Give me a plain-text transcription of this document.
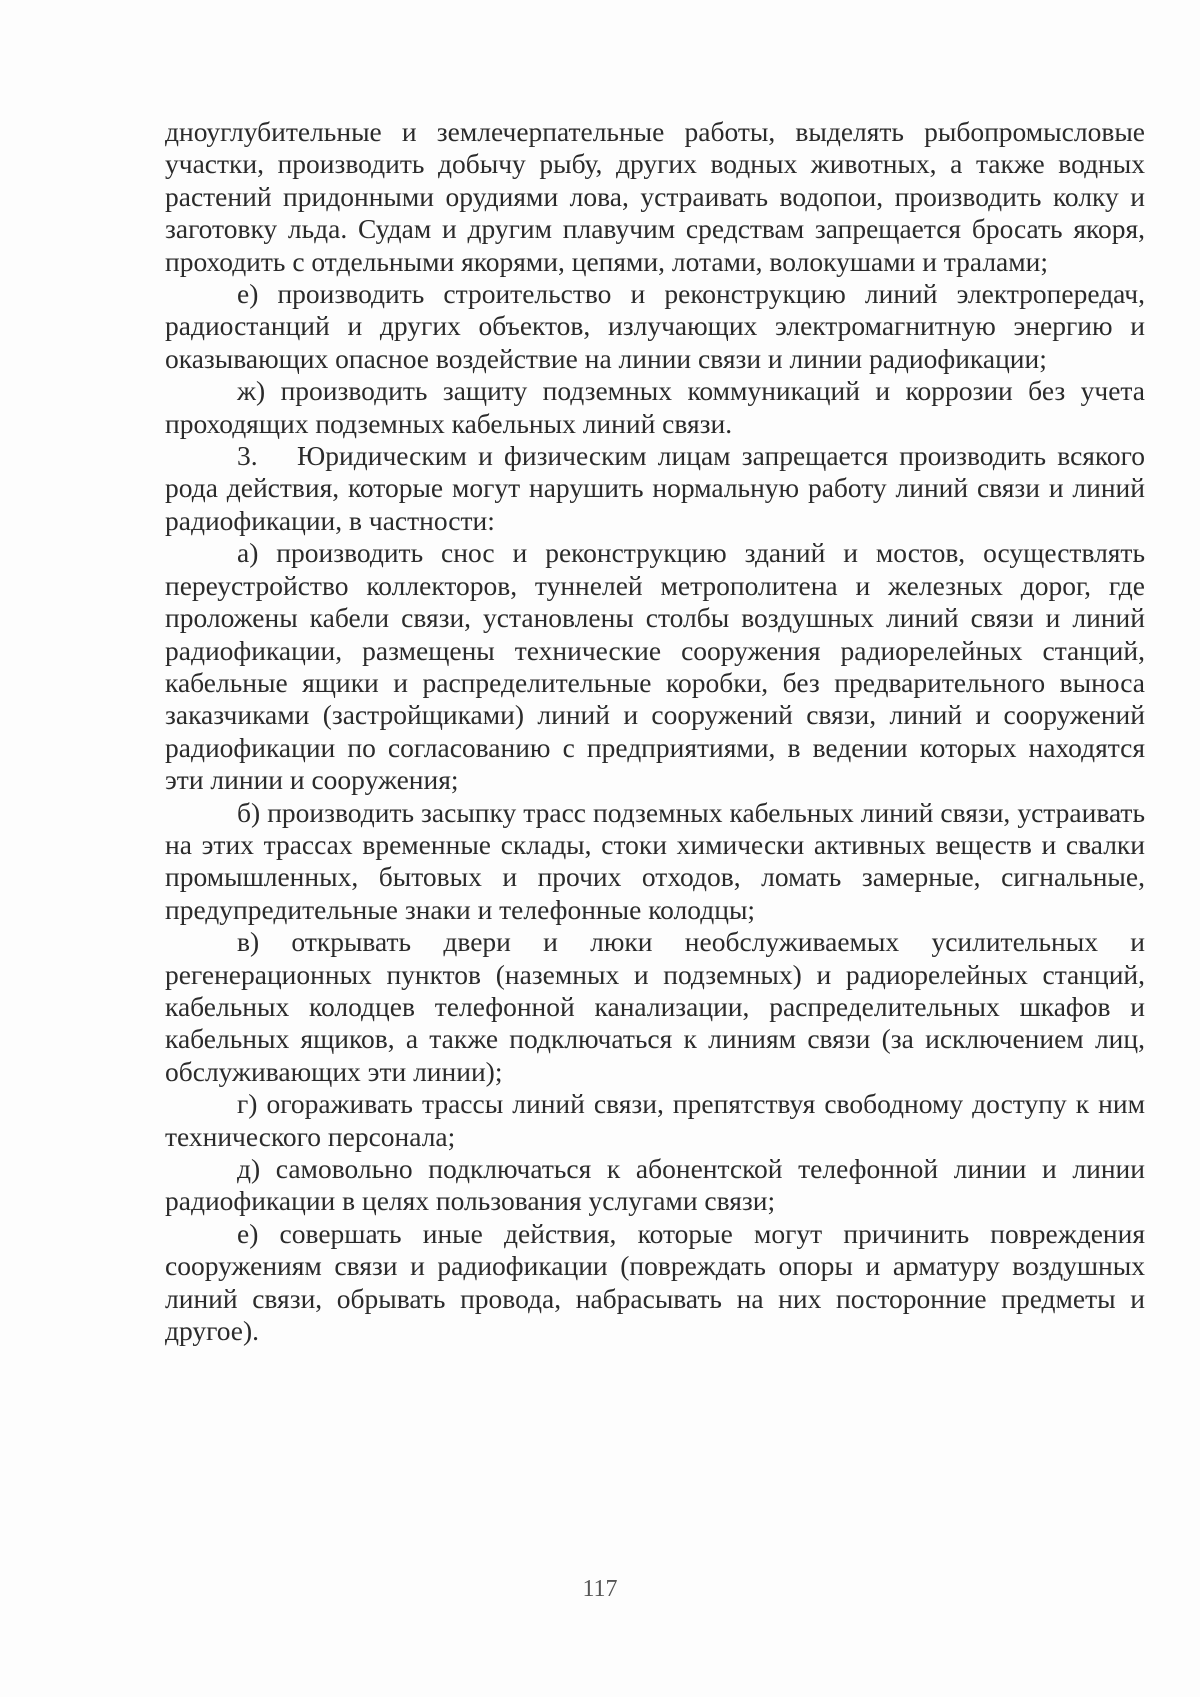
дноуглубительные и землечерпательные работы, выделять рыбопромысловые участки, производить добычу рыбу, других водных животных, а также водных растений придонными орудиями лова, устраивать водопои, производить колку и заготовку льда. Судам и другим плавучим средствам запрещается бросать якоря, проходить с отдельными якорями, цепями, лотами, волокушами и тралами;

е) производить строительство и реконструкцию линий электропередач, радиостанций и других объектов, излучающих электромагнитную энергию и оказывающих опасное воздействие на линии связи и линии радиофикации;

ж) производить защиту подземных коммуникаций и коррозии без учета проходящих подземных кабельных линий связи.

3. Юридическим и физическим лицам запрещается производить всякого рода действия, которые могут нарушить нормальную работу линий связи и линий радиофикации, в частности:

а) производить снос и реконструкцию зданий и мостов, осуществлять переустройство коллекторов, туннелей метрополитена и железных дорог, где проложены кабели связи, установлены столбы воздушных линий связи и линий радиофикации, размещены технические сооружения радиорелейных станций, кабельные ящики и распределительные коробки, без предварительного выноса заказчиками (застройщиками) линий и сооружений связи, линий и сооружений радиофикации по согласованию с предприятиями, в ведении которых находятся эти линии и сооружения;

б) производить засыпку трасс подземных кабельных линий связи, устраивать на этих трассах временные склады, стоки химически активных веществ и свалки промышленных, бытовых и прочих отходов, ломать замерные, сигнальные, предупредительные знаки и телефонные колодцы;

в) открывать двери и люки необслуживаемых усилительных и регенерационных пунктов (наземных и подземных) и радиорелейных станций, кабельных колодцев телефонной канализации, распределительных шкафов и кабельных ящиков, а также подключаться к линиям связи (за исключением лиц, обслуживающих эти линии);

г) огораживать трассы линий связи, препятствуя свободному доступу к ним технического персонала;

д) самовольно подключаться к абонентской телефонной линии и линии радиофикации в целях пользования услугами связи;

е) совершать иные действия, которые могут причинить повреждения сооружениям связи и радиофикации (повреждать опоры и арматуру воздушных линий связи, обрывать провода, набрасывать на них посторонние предметы и другое).

117
